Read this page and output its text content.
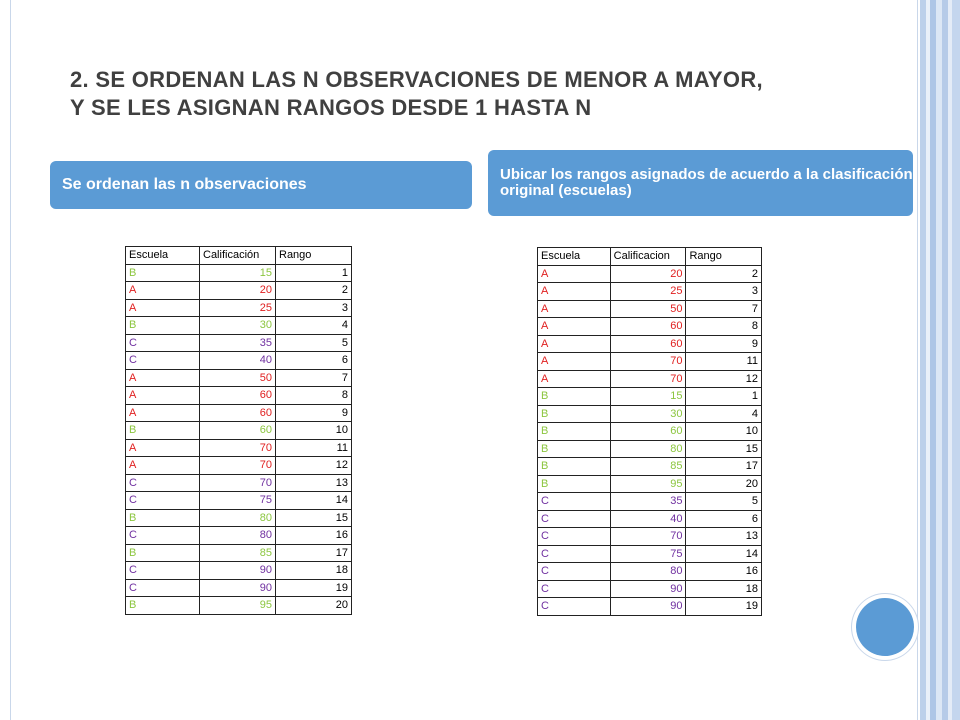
2. SE ORDENAN LAS N OBSERVACIONES DE MENOR A MAYOR,
Y SE LES ASIGNAN RANGOS DESDE 1 HASTA N
Se ordenan las n observaciones
Ubicar los rangos asignados de acuerdo a la clasificación original (escuelas)
Escuela	Calificación	Rango
B	15	1
A	20	2
A	25	3
B	30	4
C	35	5
C	40	6
A	50	7
A	60	8
A	60	9
B	60	10
A	70	11
A	70	12
C	70	13
C	75	14
B	80	15
C	80	16
B	85	17
C	90	18
C	90	19
B	95	20
Escuela	Calificacion	Rango
A	20	2
A	25	3
A	50	7
A	60	8
A	60	9
A	70	11
A	70	12
B	15	1
B	30	4
B	60	10
B	80	15
B	85	17
B	95	20
C	35	5
C	40	6
C	70	13
C	75	14
C	80	16
C	90	18
C	90	19
